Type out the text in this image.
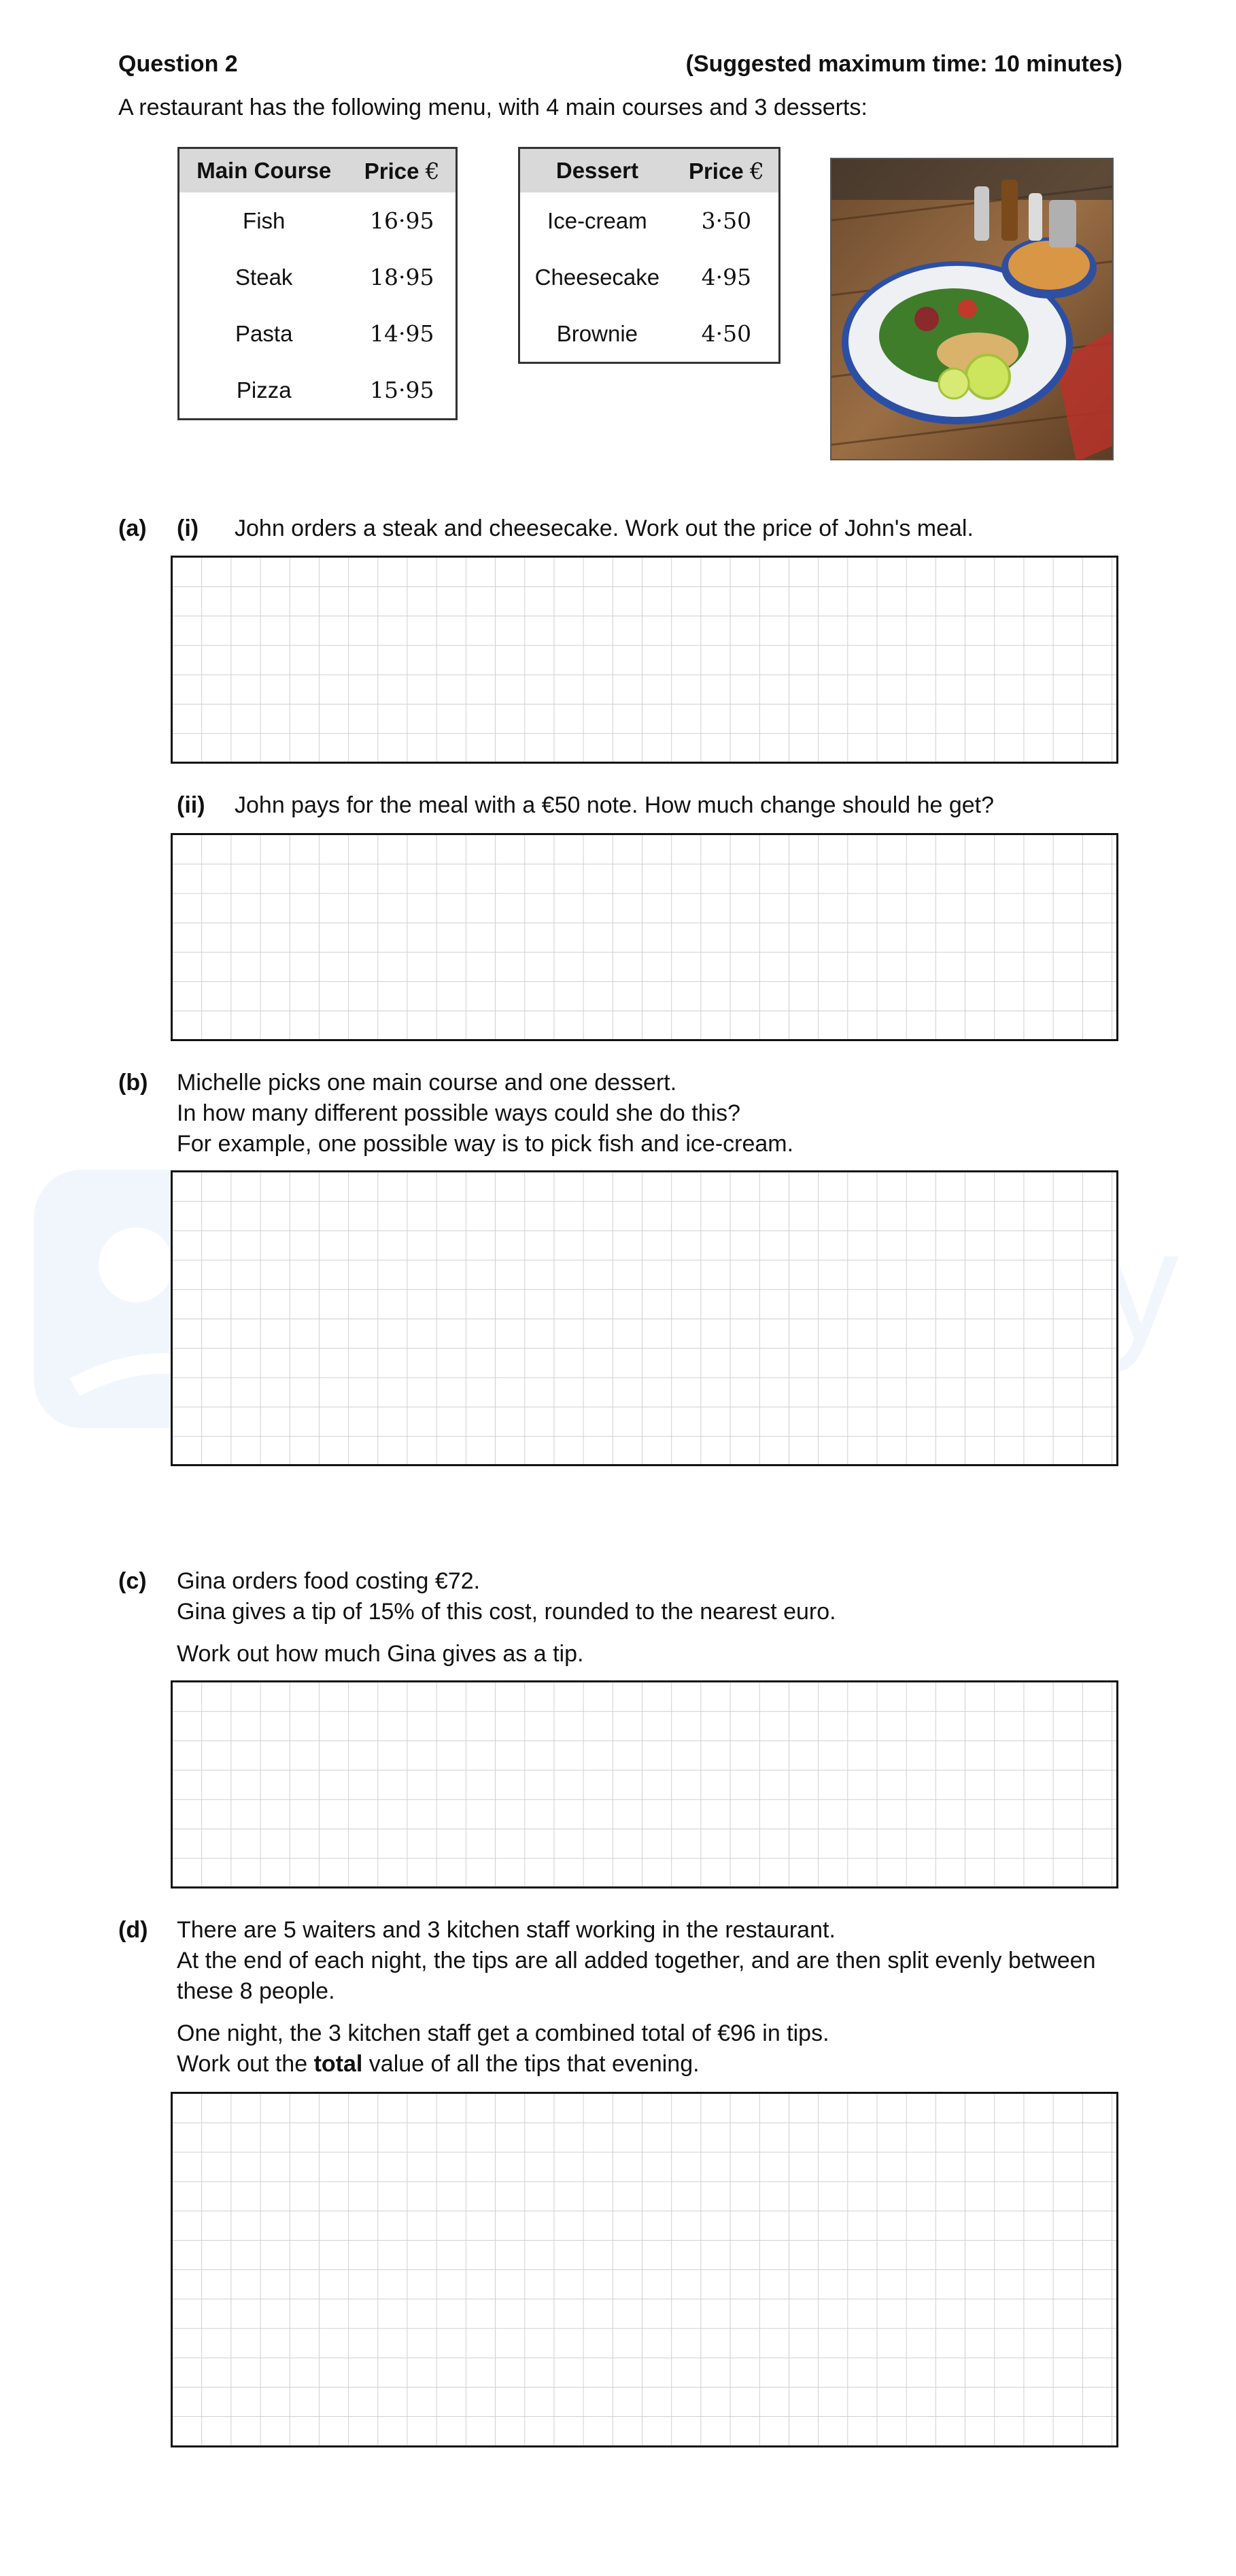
Question 2	(Suggested maximum time: 10 minutes)
A restaurant has the following menu, with 4 main courses and 3 desserts:
Main Course	Price €
Fish	16·95
Steak	18·95
Pasta	14·95
Pizza	15·95
Dessert	Price €
Ice-cream	3·50
Cheesecake	4·95
Brownie	4·50
(a) (i) John orders a steak and cheesecake. Work out the price of John's meal.
(ii) John pays for the meal with a €50 note. How much change should he get?
(b) Michelle picks one main course and one dessert.
In how many different possible ways could she do this?
For example, one possible way is to pick fish and ice-cream.
(c) Gina orders food costing €72.
Gina gives a tip of 15% of this cost, rounded to the nearest euro.
Work out how much Gina gives as a tip.
(d) There are 5 waiters and 3 kitchen staff working in the restaurant.
At the end of each night, the tips are all added together, and are then split evenly between
these 8 people.
One night, the 3 kitchen staff get a combined total of €96 in tips.
Work out the total value of all the tips that evening.
